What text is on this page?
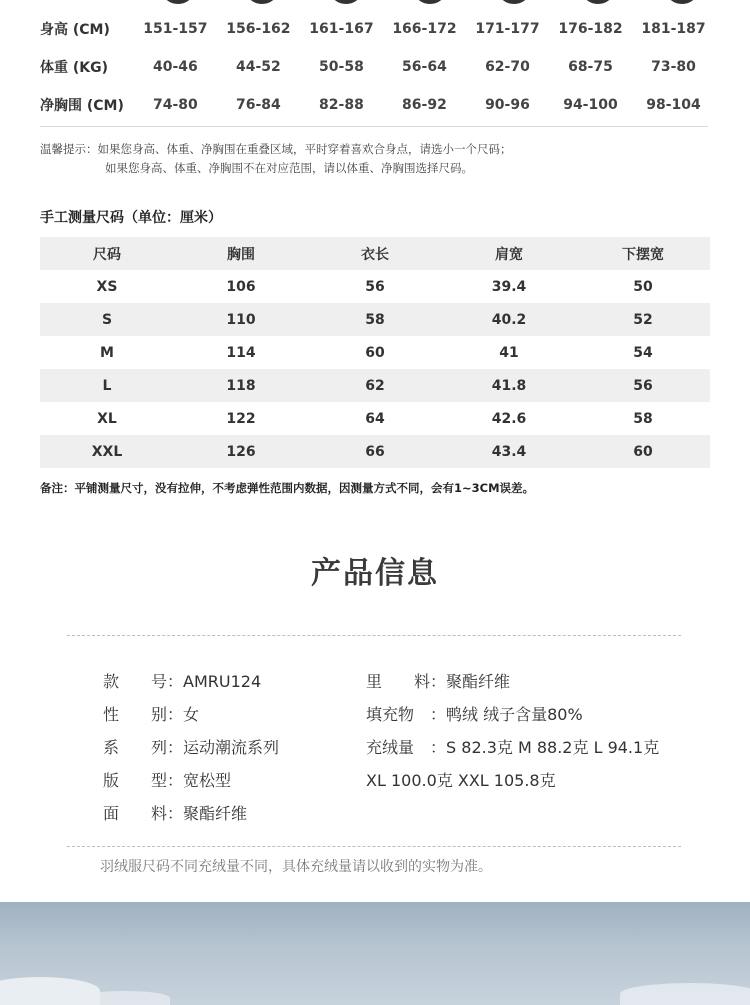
身高 (CM)	151-157	156-162	161-167	166-172	171-177	176-182	181-187
体重 (KG)	40-46	44-52	50-58	56-64	62-70	68-75	73-80
净胸围 (CM)	74-80	76-84	82-88	86-92	90-96	94-100	98-104
温馨提示：如果您身高、体重、净胸围在重叠区域，平时穿着喜欢合身点，请选小一个尺码；
如果您身高、体重、净胸围不在对应范围，请以体重、净胸围选择尺码。
手工测量尺码（单位：厘米）
尺码	胸围	衣长	肩宽	下摆宽
XS	106	56	39.4	50
S	110	58	40.2	52
M	114	60	41	54
L	118	62	41.8	56
XL	122	64	42.6	58
XXL	126	66	43.4	60
备注：平铺测量尺寸，没有拉伸，不考虑弹性范围内数据，因测量方式不同，会有1~3CM误差。
产品信息
款 号 ： AMRU124
性 别 ： 女
系 列 ： 运动潮流系列
版 型 ： 宽松型
面 料 ： 聚酯纤维
里 料 ： 聚酯纤维
填充物 ： 鸭绒 绒子含量80%
充绒量 ： S 82.3克 M 88.2克 L 94.1克
XL 100.0克 XXL 105.8克
羽绒服尺码不同充绒量不同，具体充绒量请以收到的实物为准。
